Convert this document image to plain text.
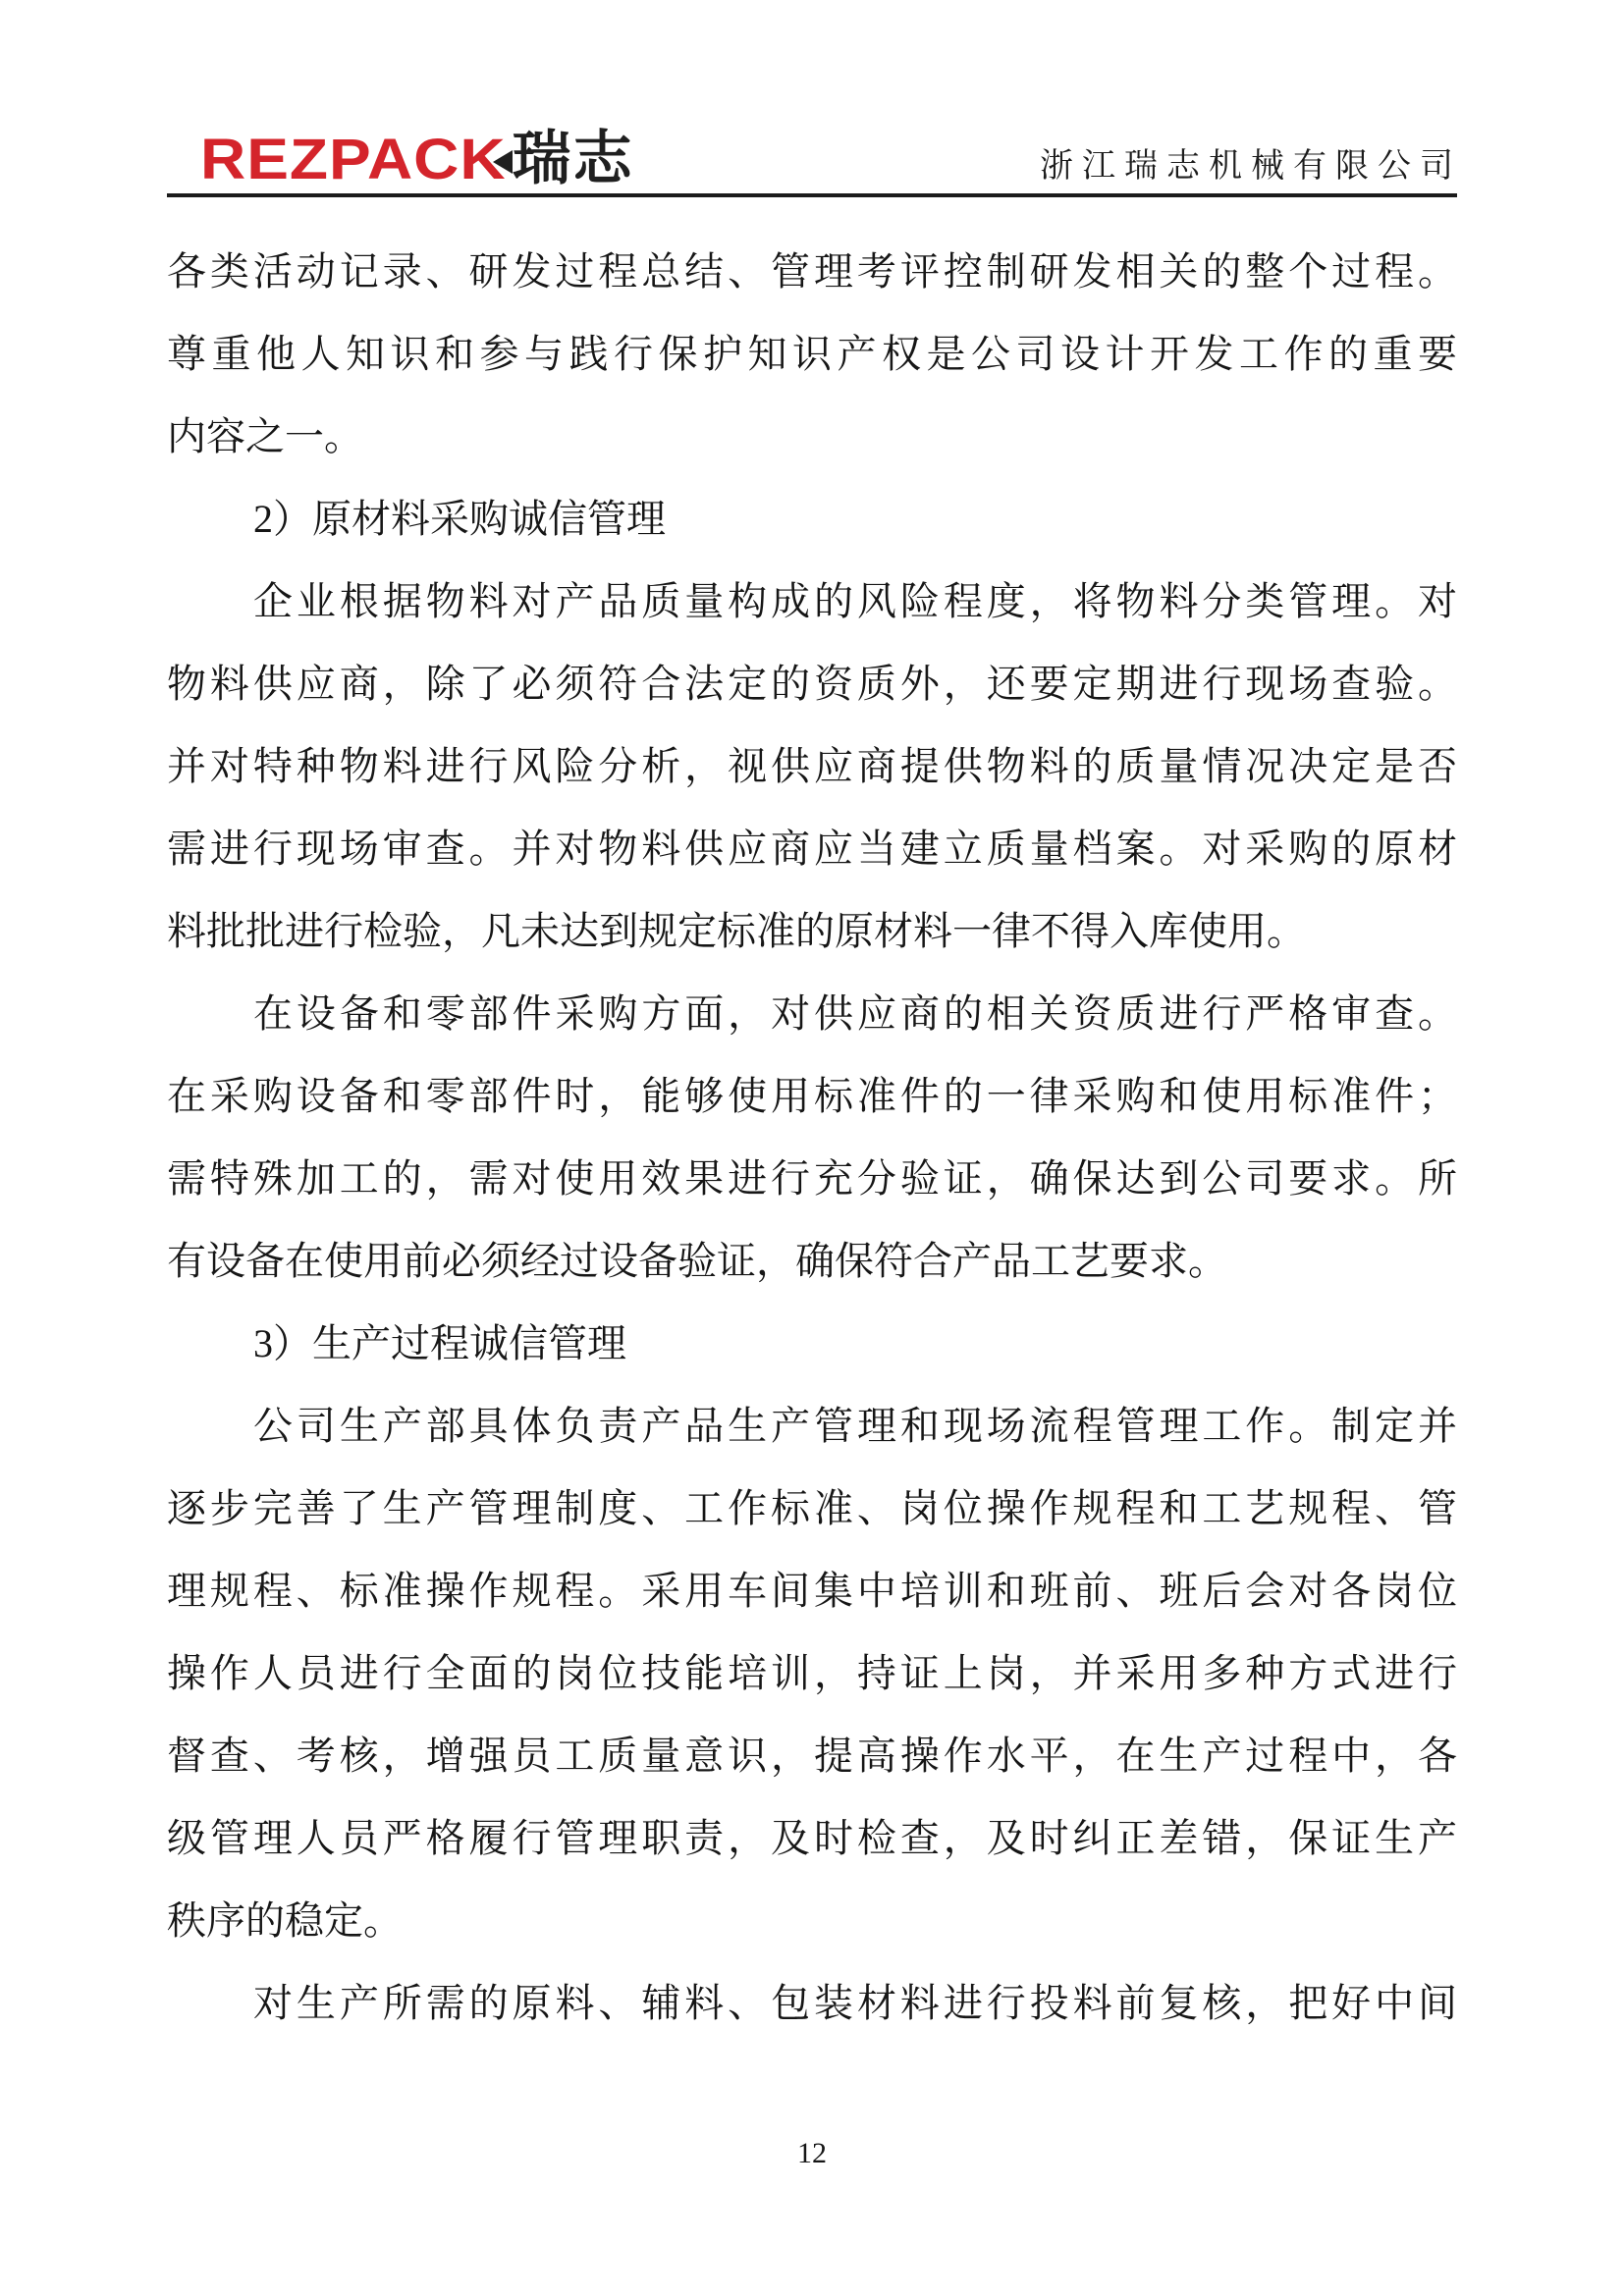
REZPACK 瑞志	浙江瑞志机械有限公司
各类活动记录、研发过程总结、管理考评控制研发相关的整个过程。
尊重他人知识和参与践行保护知识产权是公司设计开发工作的重要
内容之一。
2）原材料采购诚信管理
企业根据物料对产品质量构成的风险程度，将物料分类管理。对
物料供应商，除了必须符合法定的资质外，还要定期进行现场查验。
并对特种物料进行风险分析，视供应商提供物料的质量情况决定是否
需进行现场审查。并对物料供应商应当建立质量档案。对采购的原材
料批批进行检验，凡未达到规定标准的原材料一律不得入库使用。
在设备和零部件采购方面，对供应商的相关资质进行严格审查。
在采购设备和零部件时，能够使用标准件的一律采购和使用标准件；
需特殊加工的，需对使用效果进行充分验证，确保达到公司要求。所
有设备在使用前必须经过设备验证，确保符合产品工艺要求。
3）生产过程诚信管理
公司生产部具体负责产品生产管理和现场流程管理工作。制定并
逐步完善了生产管理制度、工作标准、岗位操作规程和工艺规程、管
理规程、标准操作规程。采用车间集中培训和班前、班后会对各岗位
操作人员进行全面的岗位技能培训，持证上岗，并采用多种方式进行
督查、考核，增强员工质量意识，提高操作水平，在生产过程中，各
级管理人员严格履行管理职责，及时检查，及时纠正差错，保证生产
秩序的稳定。
对生产所需的原料、辅料、包装材料进行投料前复核，把好中间
12
